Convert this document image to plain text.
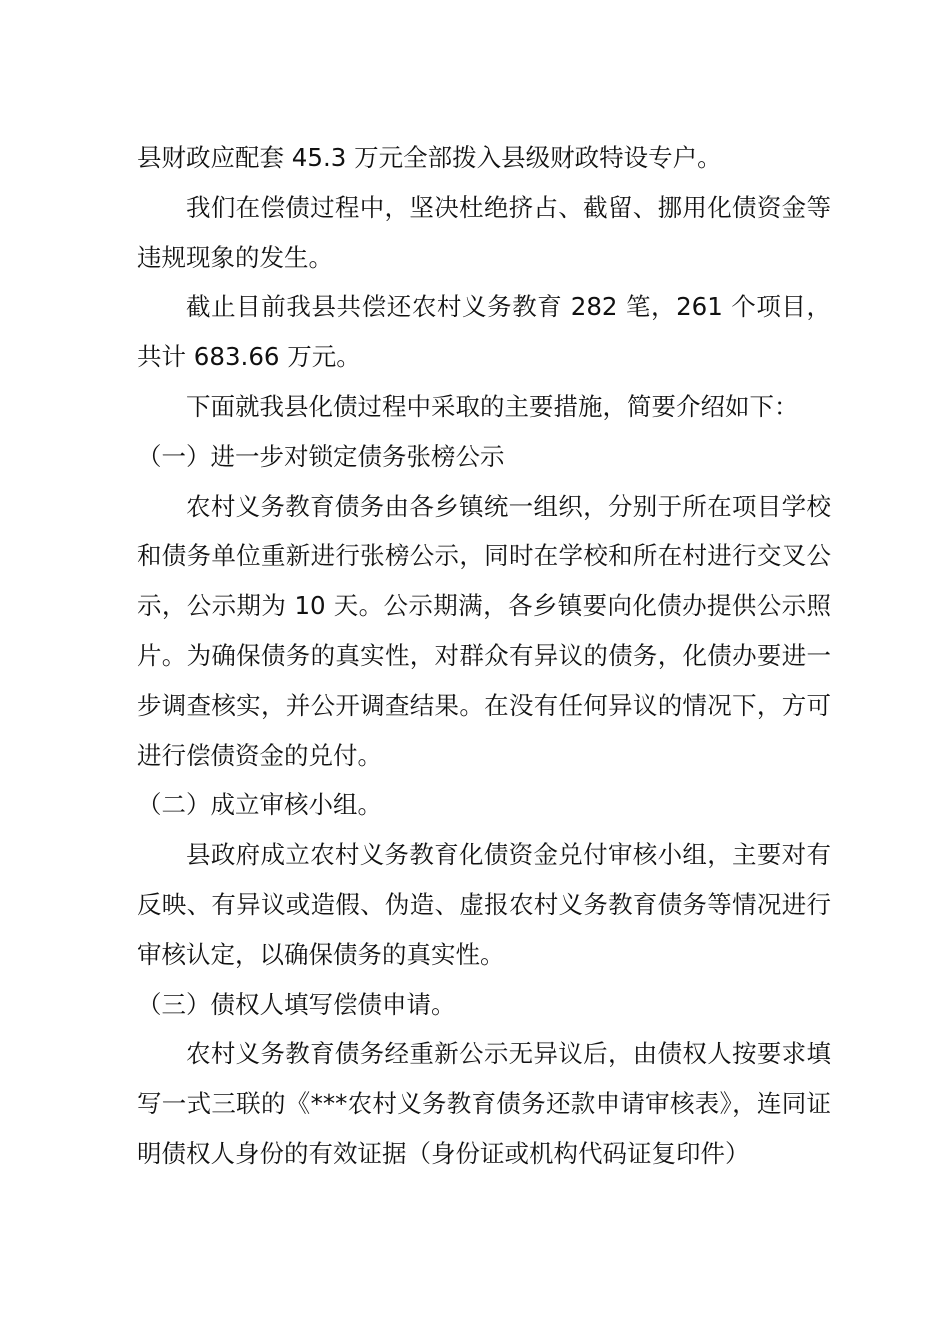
县财政应配套 45.3 万元全部拨入县级财政特设专户。

我们在偿债过程中，坚决杜绝挤占、截留、挪用化债资金等违规现象的发生。

截止目前我县共偿还农村义务教育 282 笔，261 个项目，共计 683.66 万元。

下面就我县化债过程中采取的主要措施，简要介绍如下：

（一）进一步对锁定债务张榜公示

农村义务教育债务由各乡镇统一组织，分别于所在项目学校和债务单位重新进行张榜公示，同时在学校和所在村进行交叉公示，公示期为 10 天。公示期满，各乡镇要向化债办提供公示照片。为确保债务的真实性，对群众有异议的债务，化债办要进一步调查核实，并公开调查结果。在没有任何异议的情况下，方可进行偿债资金的兑付。

（二）成立审核小组。

县政府成立农村义务教育化债资金兑付审核小组，主要对有反映、有异议或造假、伪造、虚报农村义务教育债务等情况进行审核认定，以确保债务的真实性。

（三）债权人填写偿债申请。

农村义务教育债务经重新公示无异议后，由债权人按要求填写一式三联的《***农村义务教育债务还款申请审核表》，连同证明债权人身份的有效证据（身份证或机构代码证复印件）
